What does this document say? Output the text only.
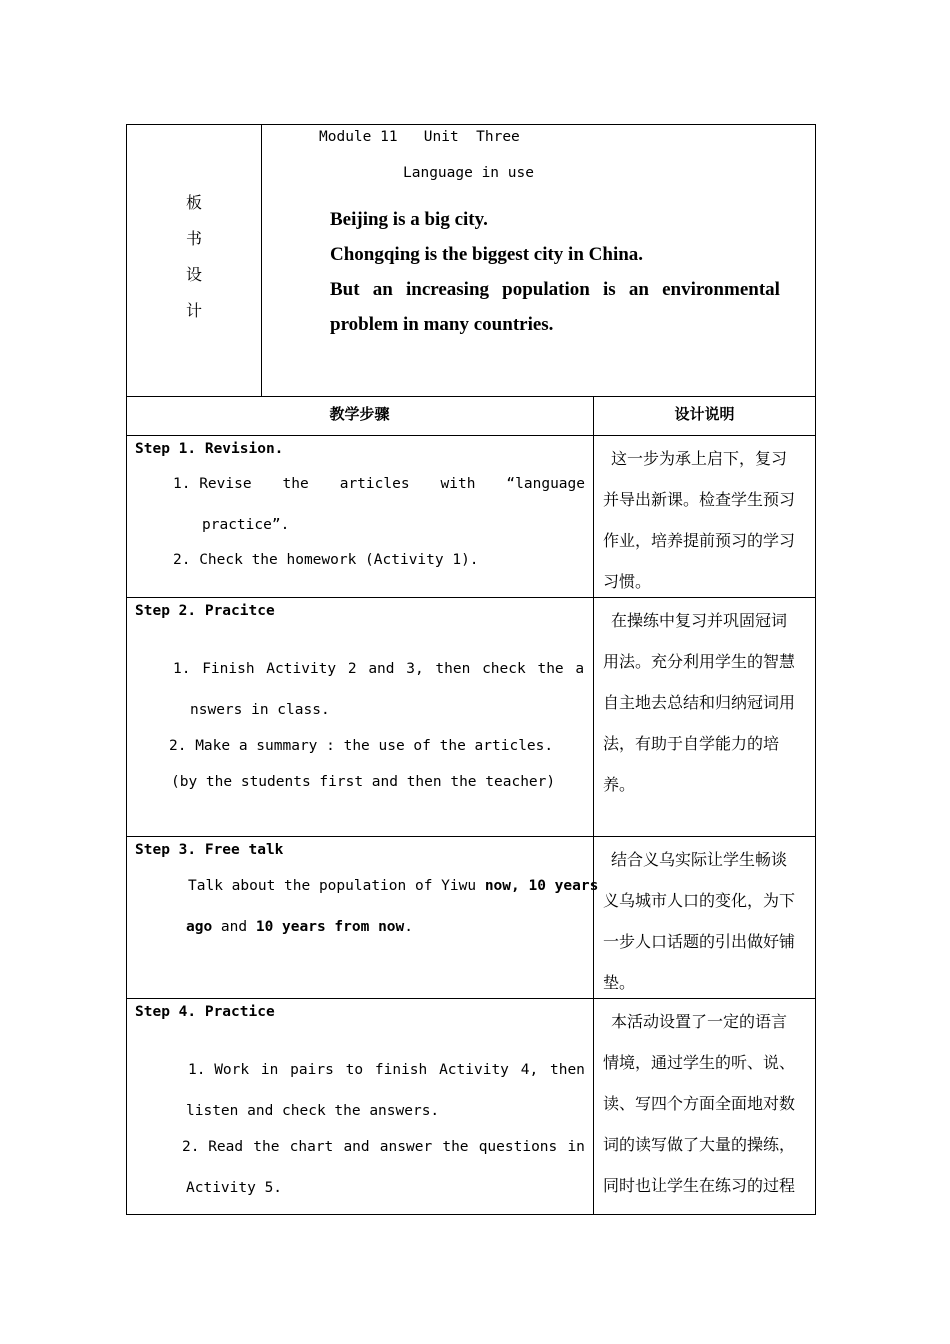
板
书
设
计
Module 11   Unit  Three
Language in use
Beijing is a big city.
Chongqing is the biggest city in China.
But an increasing population is an environmental
problem in many countries.
教学步骤	设计说明
Step 1. Revision.
1. Revise the articles with “language
practice”.
2. Check the homework (Activity 1).
这一步为承上启下，复习
并导出新课。检查学生预习
作业，培养提前预习的学习
习惯。
Step 2. Pracitce
1. Finish Activity 2 and 3, then check the a
nswers in class.
2. Make a summary : the use of the articles.
(by the students first and then the teacher)
在操练中复习并巩固冠词
用法。充分利用学生的智慧
自主地去总结和归纳冠词用
法，有助于自学能力的培
养。
Step 3. Free talk
Talk about the population of Yiwu now, 10 years
ago and 10 years from now.
结合义乌实际让学生畅谈
义乌城市人口的变化，为下
一步人口话题的引出做好铺
垫。
Step 4. Practice
1. Work in pairs to finish Activity 4, then
listen and check the answers.
2. Read the chart and answer the questions in
Activity 5.
本活动设置了一定的语言
情境，通过学生的听、说、
读、写四个方面全面地对数
词的读写做了大量的操练，
同时也让学生在练习的过程
